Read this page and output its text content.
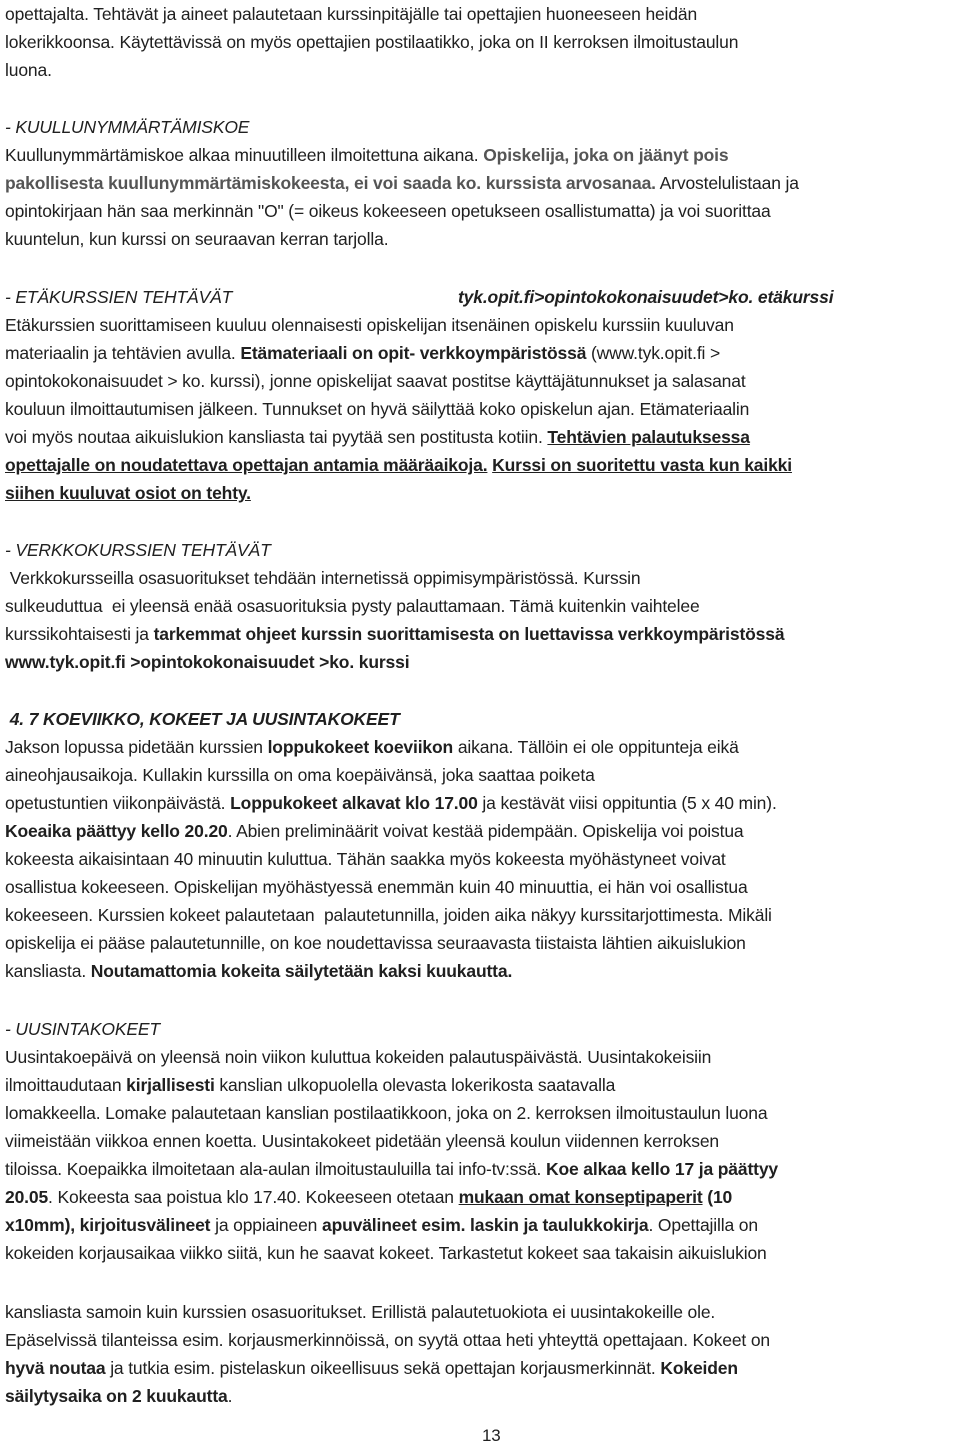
opettajalta. Tehtävät ja aineet palautetaan kurssinpitäjälle tai opettajien huoneeseen heidän
lokerikkoonsa. Käytettävissä on myös opettajien postilaatikko, joka on II kerroksen ilmoitustaulun
luona.
- KUULLUNYMMÄRTÄMISKOE
Kuullunymmärtämiskoe alkaa minuutilleen ilmoitettuna aikana. Opiskelija, joka on jäänyt pois
pakollisesta kuullunymmärtämiskokeesta, ei voi saada ko. kurssista arvosanaa. Arvostelulistaan ja
opintokirjaan hän saa merkinnän "O" (= oikeus kokeeseen opetukseen osallistumatta) ja voi suorittaa
kuuntelun, kun kurssi on seuraavan kerran tarjolla.
- ETÄKURSSIEN TEHTÄVÄT	tyk.opit.fi>opintokokonaisuudet>ko. etäkurssi
Etäkurssien suorittamiseen kuuluu olennaisesti opiskelijan itsenäinen opiskelu kurssiin kuuluvan
materiaalin ja tehtävien avulla. Etämateriaali on opit- verkkoympäristössä (www.tyk.opit.fi >
opintokokonaisuudet > ko. kurssi), jonne opiskelijat saavat postitse käyttäjätunnukset ja salasanat
kouluun ilmoittautumisen jälkeen. Tunnukset on hyvä säilyttää koko opiskelun ajan. Etämateriaalin
voi myös noutaa aikuislukion kansliasta tai pyytää sen postitusta kotiin. Tehtävien palautuksessa
opettajalle on noudatettava opettajan antamia määräaikoja. Kurssi on suoritettu vasta kun kaikki
siihen kuuluvat osiot on tehty.
- VERKKOKURSSIEN TEHTÄVÄT
Verkkokursseilla osasuoritukset tehdään internetissä oppimisympäristössä. Kurssin
sulkeuduttua  ei yleensä enää osasuorituksia pysty palauttamaan. Tämä kuitenkin vaihtelee
kurssikohtaisesti ja tarkemmat ohjeet kurssin suorittamisesta on luettavissa verkkoympäristössä
www.tyk.opit.fi >opintokokonaisuudet >ko. kurssi
4. 7 KOEVIIKKO, KOKEET JA UUSINTAKOKEET
Jakson lopussa pidetään kurssien loppukokeet koeviikon aikana. Tällöin ei ole oppitunteja eikä
aineohjausaikoja. Kullakin kurssilla on oma koepäivänsä, joka saattaa poiketa
opetustuntien viikonpäivästä. Loppukokeet alkavat klo 17.00 ja kestävät viisi oppituntia (5 x 40 min).
Koeaika päättyy kello 20.20. Abien preliminäärit voivat kestää pidempään. Opiskelija voi poistua
kokeesta aikaisintaan 40 minuutin kuluttua. Tähän saakka myös kokeesta myöhästyneet voivat
osallistua kokeeseen. Opiskelijan myöhästyessä enemmän kuin 40 minuuttia, ei hän voi osallistua
kokeeseen. Kurssien kokeet palautetaan  palautetunnilla, joiden aika näkyy kurssitarjottimesta. Mikäli
opiskelija ei pääse palautetunnille, on koe noudettavissa seuraavasta tiistaista lähtien aikuislukion
kansliasta. Noutamattomia kokeita säilytetään kaksi kuukautta.
- UUSINTAKOKEET
Uusintakoepäivä on yleensä noin viikon kuluttua kokeiden palautuspäivästä. Uusintakokeisiin
ilmoittaudutaan kirjallisesti kanslian ulkopuolella olevasta lokerikosta saatavalla
lomakkeella. Lomake palautetaan kanslian postilaatikkoon, joka on 2. kerroksen ilmoitustaulun luona
viimeistään viikkoa ennen koetta. Uusintakokeet pidetään yleensä koulun viidennen kerroksen
tiloissa. Koepaikka ilmoitetaan ala-aulan ilmoitustauluilla tai info-tv:ssä. Koe alkaa kello 17 ja päättyy
20.05. Kokeesta saa poistua klo 17.40. Kokeeseen otetaan mukaan omat konseptipaperit (10
x10mm), kirjoitusvälineet ja oppiaineen apuvälineet esim. laskin ja taulukkokirja. Opettajilla on
kokeiden korjausaikaa viikko siitä, kun he saavat kokeet. Tarkastetut kokeet saa takaisin aikuislukion
kansliasta samoin kuin kurssien osasuoritukset. Erillistä palautetuokiota ei uusintakokeille ole.
Epäselvissä tilanteissa esim. korjausmerkinnöissä, on syytä ottaa heti yhteyttä opettajaan. Kokeet on
hyvä noutaa ja tutkia esim. pistelaskun oikeellisuus sekä opettajan korjausmerkinnät. Kokeiden
säilytysaika on 2 kuukautta.
13
